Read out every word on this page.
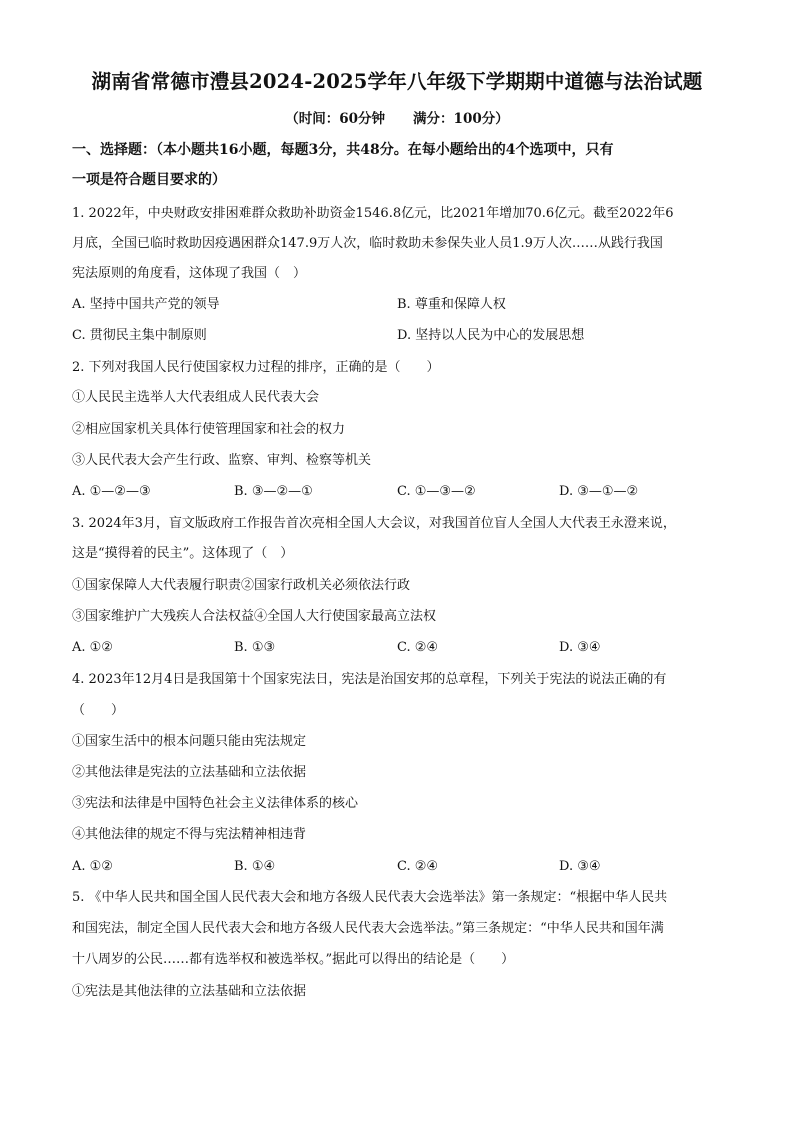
湖南省常德市澧县2024-2025学年八年级下学期期中道德与法治试题
（时间：60分钟 满分：100分）
一、选择题：（本小题共16小题，每题3分，共48分。在每小题给出的4个选项中，只有
一项是符合题目要求的）
1. 2022年，中央财政安排困难群众救助补助资金1546.8亿元，比2021年增加70.6亿元。截至2022年6
月底，全国已临时救助因疫遇困群众147.9万人次，临时救助未参保失业人员1.9万人次……从践行我国
宪法原则的角度看，这体现了我国（　）
A. 坚持中国共产党的领导	B. 尊重和保障人权
C. 贯彻民主集中制原则	D. 坚持以人民为中心的发展思想
2. 下列对我国人民行使国家权力过程的排序，正确的是（　　）
①人民民主选举人大代表组成人民代表大会
②相应国家机关具体行使管理国家和社会的权力
③人民代表大会产生行政、监察、审判、检察等机关
A. ①—②—③	B. ③—②—①	C. ①—③—②	D. ③—①—②
3. 2024年3月，盲文版政府工作报告首次亮相全国人大会议，对我国首位盲人全国人大代表王永澄来说，
这是“摸得着的民主”。这体现了（　）
①国家保障人大代表履行职责②国家行政机关必须依法行政
③国家维护广大残疾人合法权益④全国人大行使国家最高立法权
A. ①②	B. ①③	C. ②④	D. ③④
4. 2023年12月4日是我国第十个国家宪法日，宪法是治国安邦的总章程，下列关于宪法的说法正确的有
（　　）
①国家生活中的根本问题只能由宪法规定
②其他法律是宪法的立法基础和立法依据
③宪法和法律是中国特色社会主义法律体系的核心
④其他法律的规定不得与宪法精神相违背
A. ①②	B. ①④	C. ②④	D. ③④
5. 《中华人民共和国全国人民代表大会和地方各级人民代表大会选举法》第一条规定：“根据中华人民共
和国宪法，制定全国人民代表大会和地方各级人民代表大会选举法。”第三条规定：“中华人民共和国年满
十八周岁的公民……都有选举权和被选举权。”据此可以得出的结论是（　　）
①宪法是其他法律的立法基础和立法依据
